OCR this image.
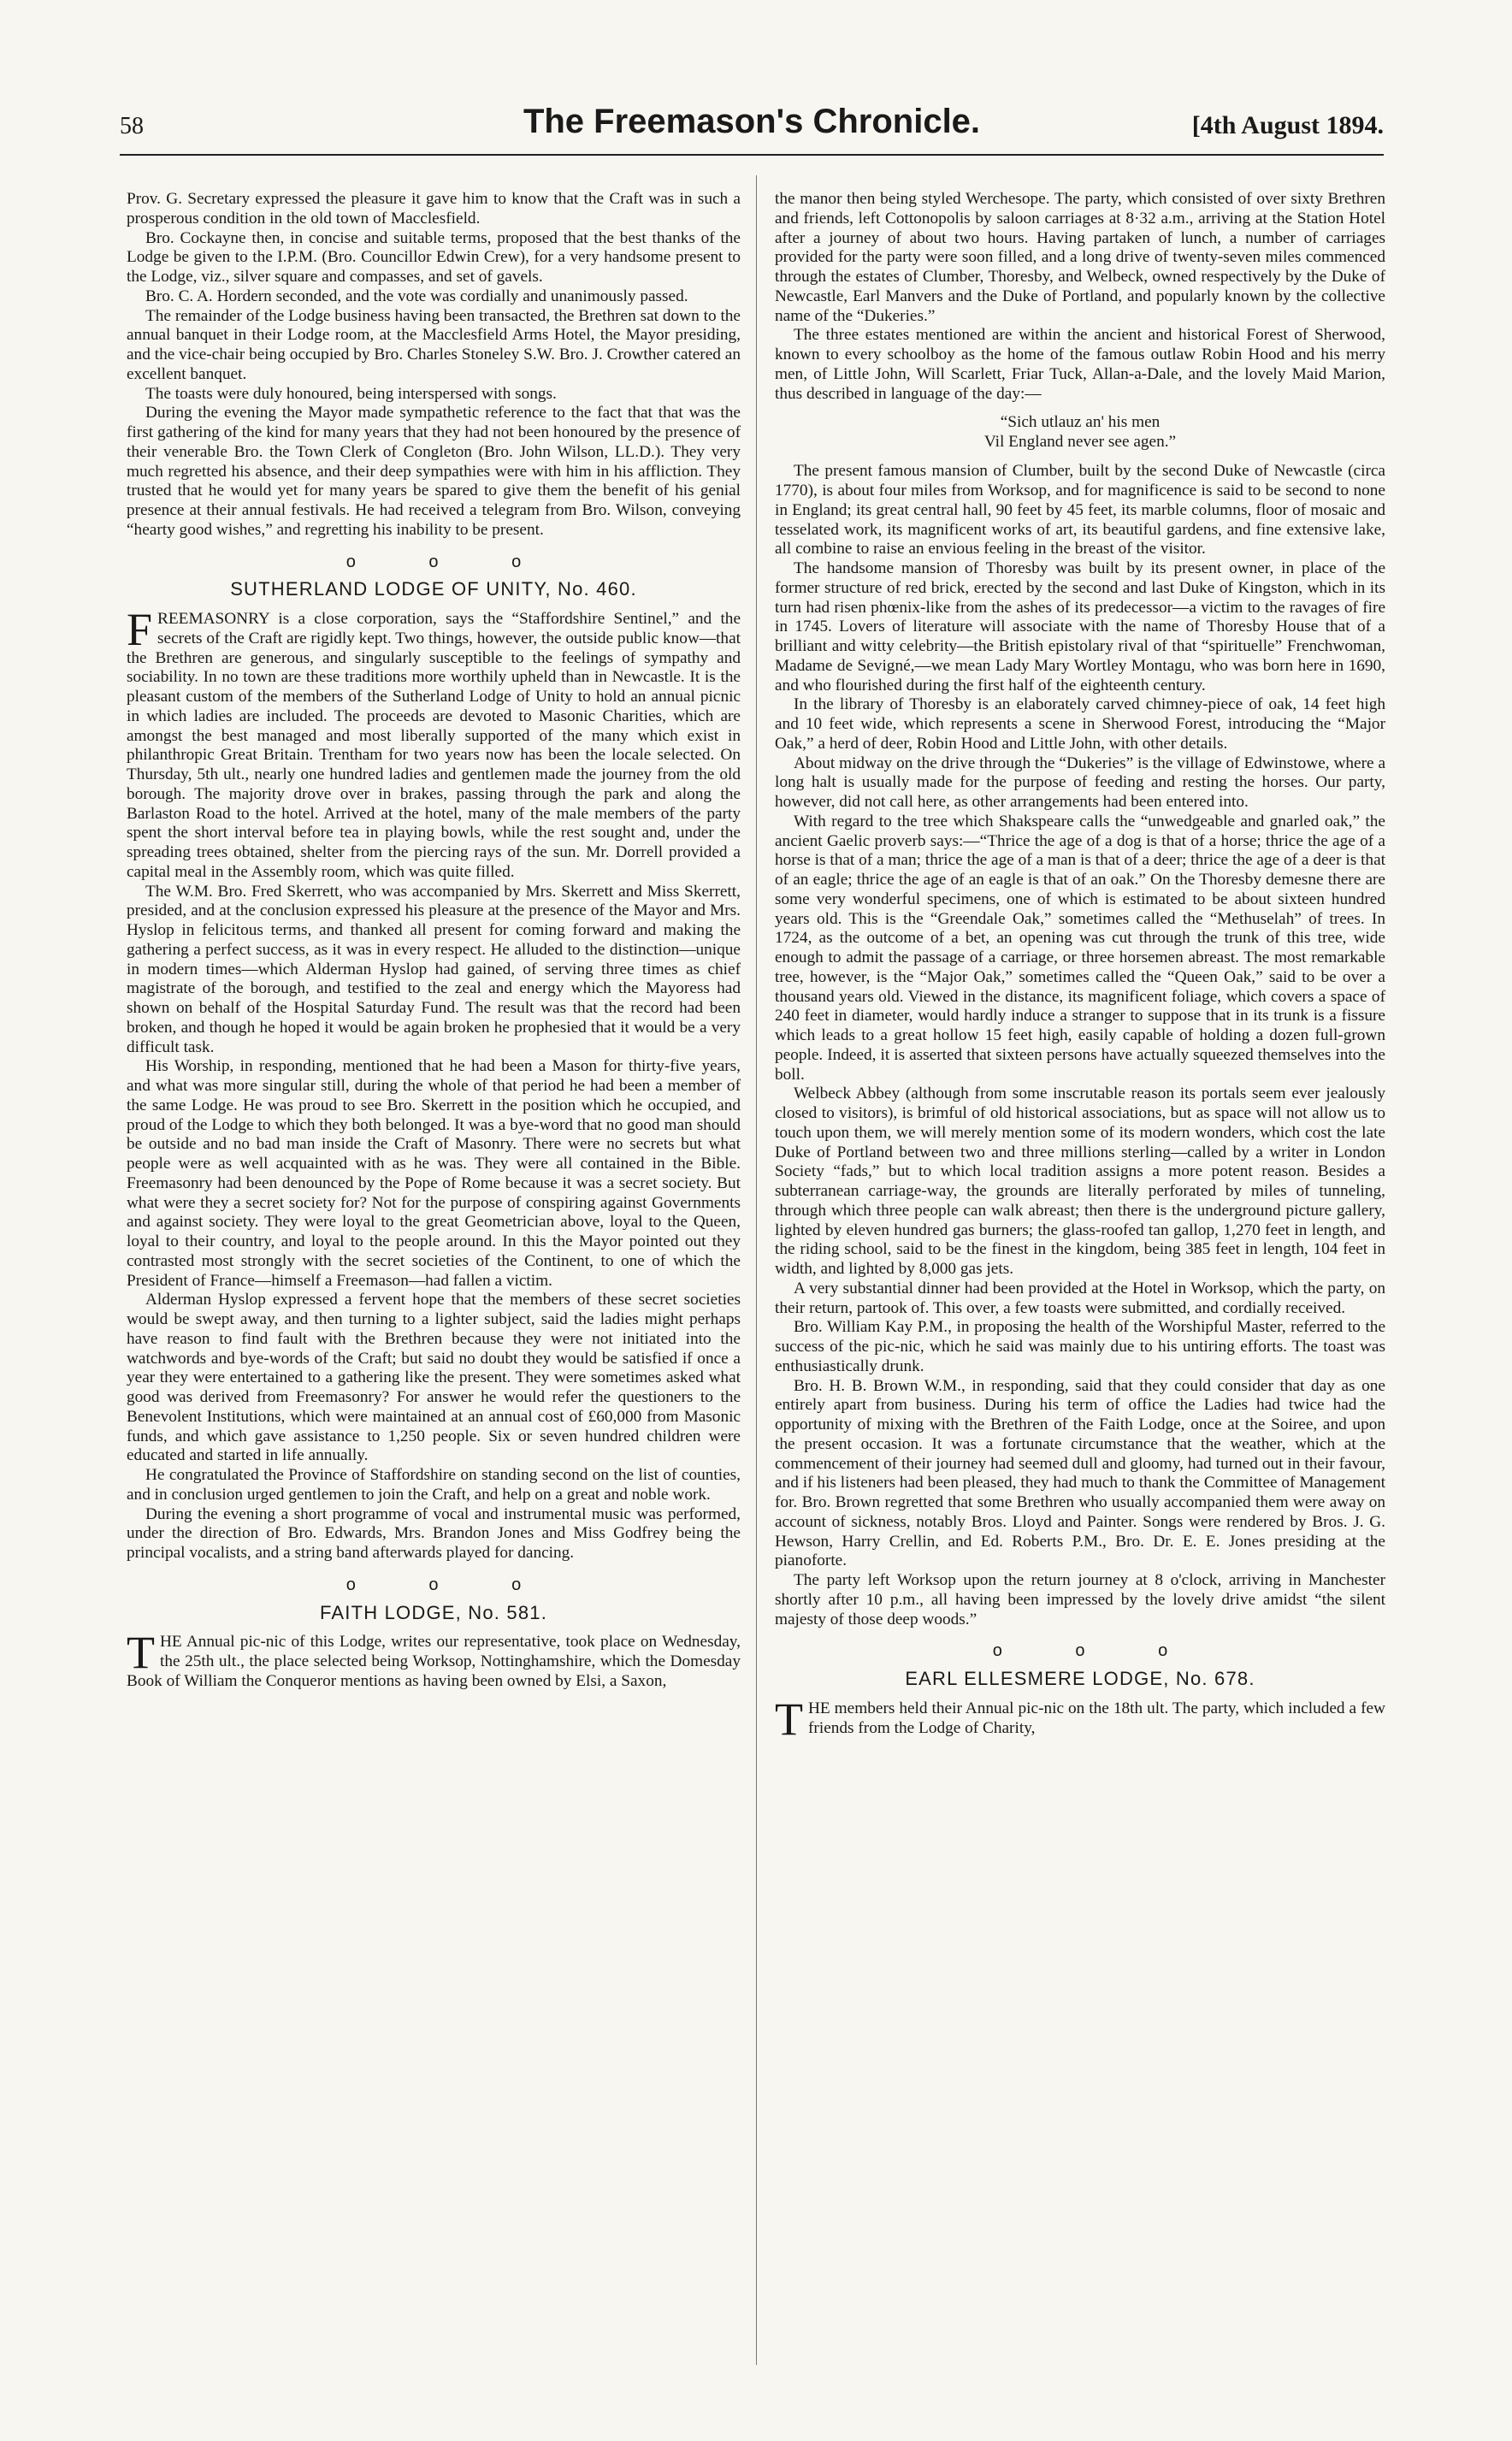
58	The Freemason's Chronicle.	[4th August 1894.

Prov. G. Secretary expressed the pleasure it gave him to know that the Craft was in such a prosperous condition in the old town of Macclesfield.

Bro. Cockayne then, in concise and suitable terms, proposed that the best thanks of the Lodge be given to the I.P.M. (Bro. Councillor Edwin Crew), for a very handsome present to the Lodge, viz., silver square and compasses, and set of gavels.

Bro. C. A. Hordern seconded, and the vote was cordially and unanimously passed.

The remainder of the Lodge business having been transacted, the Brethren sat down to the annual banquet in their Lodge room, at the Macclesfield Arms Hotel, the Mayor presiding, and the vice-chair being occupied by Bro. Charles Stoneley S.W. Bro. J. Crowther catered an excellent banquet.

The toasts were duly honoured, being interspersed with songs.

During the evening the Mayor made sympathetic reference to the fact that that was the first gathering of the kind for many years that they had not been honoured by the presence of their venerable Bro. the Town Clerk of Congleton (Bro. John Wilson, LL.D.). They very much regretted his absence, and their deep sympathies were with him in his affliction. They trusted that he would yet for many years be spared to give them the benefit of his genial presence at their annual festivals. He had received a telegram from Bro. Wilson, conveying “hearty good wishes,” and regretting his inability to be present.

o o o
SUTHERLAND LODGE OF UNITY, No. 460.

FREEMASONRY is a close corporation, says the “Staffordshire Sentinel,” and the secrets of the Craft are rigidly kept. Two things, however, the outside public know—that the Brethren are generous, and singularly susceptible to the feelings of sympathy and sociability. In no town are these traditions more worthily upheld than in Newcastle. It is the pleasant custom of the members of the Sutherland Lodge of Unity to hold an annual picnic in which ladies are included. The proceeds are devoted to Masonic Charities, which are amongst the best managed and most liberally supported of the many which exist in philanthropic Great Britain. Trentham for two years now has been the locale selected. On Thursday, 5th ult., nearly one hundred ladies and gentlemen made the journey from the old borough. The majority drove over in brakes, passing through the park and along the Barlaston Road to the hotel. Arrived at the hotel, many of the male members of the party spent the short interval before tea in playing bowls, while the rest sought and, under the spreading trees obtained, shelter from the piercing rays of the sun. Mr. Dorrell provided a capital meal in the Assembly room, which was quite filled.

The W.M. Bro. Fred Skerrett, who was accompanied by Mrs. Skerrett and Miss Skerrett, presided, and at the conclusion expressed his pleasure at the presence of the Mayor and Mrs. Hyslop in felicitous terms, and thanked all present for coming forward and making the gathering a perfect success, as it was in every respect. He alluded to the distinction—unique in modern times—which Alderman Hyslop had gained, of serving three times as chief magistrate of the borough, and testified to the zeal and energy which the Mayoress had shown on behalf of the Hospital Saturday Fund. The result was that the record had been broken, and though he hoped it would be again broken he prophesied that it would be a very difficult task.

His Worship, in responding, mentioned that he had been a Mason for thirty-five years, and what was more singular still, during the whole of that period he had been a member of the same Lodge. He was proud to see Bro. Skerrett in the position which he occupied, and proud of the Lodge to which they both belonged. It was a bye-word that no good man should be outside and no bad man inside the Craft of Masonry. There were no secrets but what people were as well acquainted with as he was. They were all contained in the Bible. Freemasonry had been denounced by the Pope of Rome because it was a secret society. But what were they a secret society for? Not for the purpose of conspiring against Governments and against society. They were loyal to the great Geometrician above, loyal to the Queen, loyal to their country, and loyal to the people around. In this the Mayor pointed out they contrasted most strongly with the secret societies of the Continent, to one of which the President of France—himself a Freemason—had fallen a victim.

Alderman Hyslop expressed a fervent hope that the members of these secret societies would be swept away, and then turning to a lighter subject, said the ladies might perhaps have reason to find fault with the Brethren because they were not initiated into the watchwords and bye-words of the Craft; but said no doubt they would be satisfied if once a year they were entertained to a gathering like the present. They were sometimes asked what good was derived from Freemasonry? For answer he would refer the questioners to the Benevolent Institutions, which were maintained at an annual cost of £60,000 from Masonic funds, and which gave assistance to 1,250 people. Six or seven hundred children were educated and started in life annually.

He congratulated the Province of Staffordshire on standing second on the list of counties, and in conclusion urged gentlemen to join the Craft, and help on a great and noble work.

During the evening a short programme of vocal and instrumental music was performed, under the direction of Bro. Edwards, Mrs. Brandon Jones and Miss Godfrey being the principal vocalists, and a string band afterwards played for dancing.

o o o
FAITH LODGE, No. 581.

THE Annual pic-nic of this Lodge, writes our representative, took place on Wednesday, the 25th ult., the place selected being Worksop, Nottinghamshire, which the Domesday Book of William the Conqueror mentions as having been owned by Elsi, a Saxon,

the manor then being styled Werchesope. The party, which consisted of over sixty Brethren and friends, left Cottonopolis by saloon carriages at 8·32 a.m., arriving at the Station Hotel after a journey of about two hours. Having partaken of lunch, a number of carriages provided for the party were soon filled, and a long drive of twenty-seven miles commenced through the estates of Clumber, Thoresby, and Welbeck, owned respectively by the Duke of Newcastle, Earl Manvers and the Duke of Portland, and popularly known by the collective name of the “Dukeries.”

The three estates mentioned are within the ancient and historical Forest of Sherwood, known to every schoolboy as the home of the famous outlaw Robin Hood and his merry men, of Little John, Will Scarlett, Friar Tuck, Allan-a-Dale, and the lovely Maid Marion, thus described in language of the day:—

“Sich utlauz an' his men
Vil England never see agen.”

The present famous mansion of Clumber, built by the second Duke of Newcastle (circa 1770), is about four miles from Worksop, and for magnificence is said to be second to none in England; its great central hall, 90 feet by 45 feet, its marble columns, floor of mosaic and tesselated work, its magnificent works of art, its beautiful gardens, and fine extensive lake, all combine to raise an envious feeling in the breast of the visitor.

The handsome mansion of Thoresby was built by its present owner, in place of the former structure of red brick, erected by the second and last Duke of Kingston, which in its turn had risen phœnix-like from the ashes of its predecessor—a victim to the ravages of fire in 1745. Lovers of literature will associate with the name of Thoresby House that of a brilliant and witty celebrity—the British epistolary rival of that “spirituelle” Frenchwoman, Madame de Sevigné,—we mean Lady Mary Wortley Montagu, who was born here in 1690, and who flourished during the first half of the eighteenth century.

In the library of Thoresby is an elaborately carved chimney-piece of oak, 14 feet high and 10 feet wide, which represents a scene in Sherwood Forest, introducing the “Major Oak,” a herd of deer, Robin Hood and Little John, with other details.

About midway on the drive through the “Dukeries” is the village of Edwinstowe, where a long halt is usually made for the purpose of feeding and resting the horses. Our party, however, did not call here, as other arrangements had been entered into.

With regard to the tree which Shakspeare calls the “unwedgeable and gnarled oak,” the ancient Gaelic proverb says:—“Thrice the age of a dog is that of a horse; thrice the age of a horse is that of a man; thrice the age of a man is that of a deer; thrice the age of a deer is that of an eagle; thrice the age of an eagle is that of an oak.” On the Thoresby demesne there are some very wonderful specimens, one of which is estimated to be about sixteen hundred years old. This is the “Greendale Oak,” sometimes called the “Methuselah” of trees. In 1724, as the outcome of a bet, an opening was cut through the trunk of this tree, wide enough to admit the passage of a carriage, or three horsemen abreast. The most remarkable tree, however, is the “Major Oak,” sometimes called the “Queen Oak,” said to be over a thousand years old. Viewed in the distance, its magnificent foliage, which covers a space of 240 feet in diameter, would hardly induce a stranger to suppose that in its trunk is a fissure which leads to a great hollow 15 feet high, easily capable of holding a dozen full-grown people. Indeed, it is asserted that sixteen persons have actually squeezed themselves into the boll.

Welbeck Abbey (although from some inscrutable reason its portals seem ever jealously closed to visitors), is brimful of old historical associations, but as space will not allow us to touch upon them, we will merely mention some of its modern wonders, which cost the late Duke of Portland between two and three millions sterling—called by a writer in London Society “fads,” but to which local tradition assigns a more potent reason. Besides a subterranean carriage-way, the grounds are literally perforated by miles of tunneling, through which three people can walk abreast; then there is the underground picture gallery, lighted by eleven hundred gas burners; the glass-roofed tan gallop, 1,270 feet in length, and the riding school, said to be the finest in the kingdom, being 385 feet in length, 104 feet in width, and lighted by 8,000 gas jets.

A very substantial dinner had been provided at the Hotel in Worksop, which the party, on their return, partook of. This over, a few toasts were submitted, and cordially received.

Bro. William Kay P.M., in proposing the health of the Worshipful Master, referred to the success of the pic-nic, which he said was mainly due to his untiring efforts. The toast was enthusiastically drunk.

Bro. H. B. Brown W.M., in responding, said that they could consider that day as one entirely apart from business. During his term of office the Ladies had twice had the opportunity of mixing with the Brethren of the Faith Lodge, once at the Soiree, and upon the present occasion. It was a fortunate circumstance that the weather, which at the commencement of their journey had seemed dull and gloomy, had turned out in their favour, and if his listeners had been pleased, they had much to thank the Committee of Management for. Bro. Brown regretted that some Brethren who usually accompanied them were away on account of sickness, notably Bros. Lloyd and Painter. Songs were rendered by Bros. J. G. Hewson, Harry Crellin, and Ed. Roberts P.M., Bro. Dr. E. E. Jones presiding at the pianoforte.

The party left Worksop upon the return journey at 8 o'clock, arriving in Manchester shortly after 10 p.m., all having been impressed by the lovely drive amidst “the silent majesty of those deep woods.”

o o o
EARL ELLESMERE LODGE, No. 678.

THE members held their Annual pic-nic on the 18th ult. The party, which included a few friends from the Lodge of Charity,
